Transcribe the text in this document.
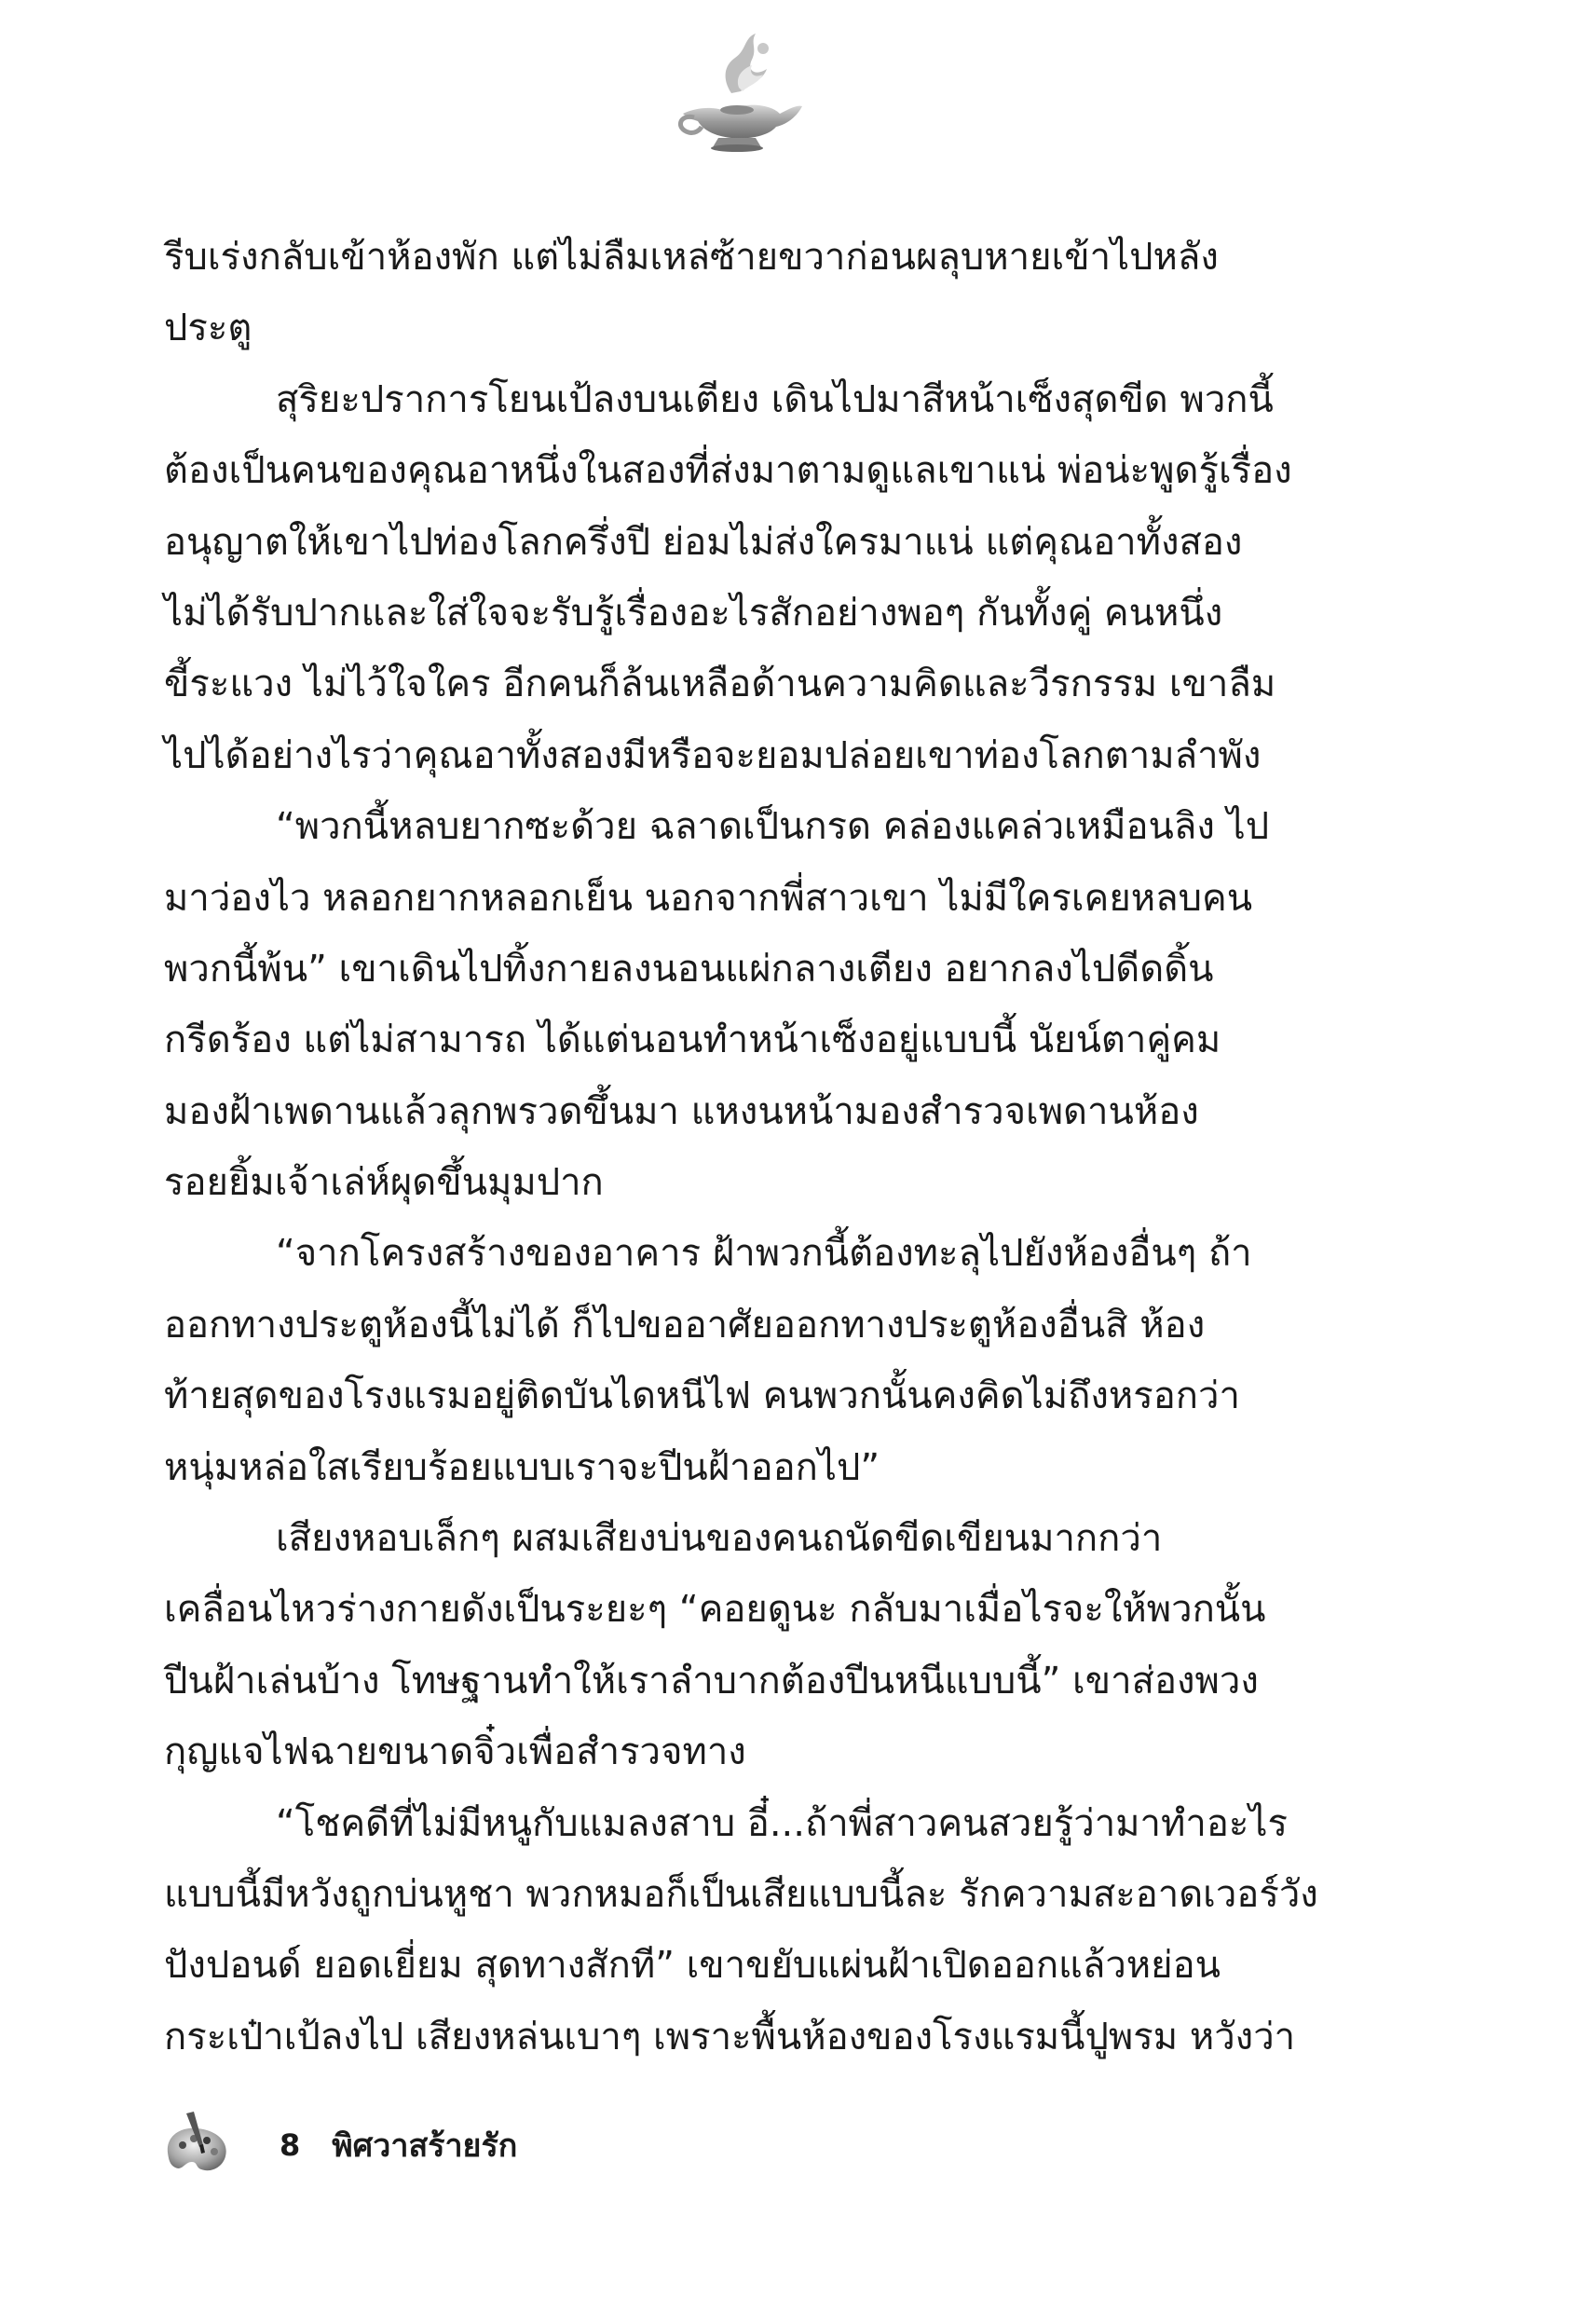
รีบเร่งกลับเข้าห้องพัก แต่ไม่ลืมเหล่ซ้ายขวาก่อนผลุบหายเข้าไปหลัง
ประตู
สุริยะปราการโยนเป้ลงบนเตียง เดินไปมาสีหน้าเซ็งสุดขีด พวกนี้
ต้องเป็นคนของคุณอาหนึ่งในสองที่ส่งมาตามดูแลเขาแน่ พ่อน่ะพูดรู้เรื่อง
อนุญาตให้เขาไปท่องโลกครึ่งปี ย่อมไม่ส่งใครมาแน่ แต่คุณอาทั้งสอง
ไม่ได้รับปากและใส่ใจจะรับรู้เรื่องอะไรสักอย่างพอๆ กันทั้งคู่ คนหนึ่ง
ขี้ระแวง ไม่ไว้ใจใคร อีกคนก็ล้นเหลือด้านความคิดและวีรกรรม เขาลืม
ไปได้อย่างไรว่าคุณอาทั้งสองมีหรือจะยอมปล่อยเขาท่องโลกตามลำพัง
“พวกนี้หลบยากซะด้วย ฉลาดเป็นกรด คล่องแคล่วเหมือนลิง ไป
มาว่องไว หลอกยากหลอกเย็น นอกจากพี่สาวเขา ไม่มีใครเคยหลบคน
พวกนี้พ้น” เขาเดินไปทิ้งกายลงนอนแผ่กลางเตียง อยากลงไปดีดดิ้น
กรีดร้อง แต่ไม่สามารถ ได้แต่นอนทำหน้าเซ็งอยู่แบบนี้ นัยน์ตาคู่คม
มองฝ้าเพดานแล้วลุกพรวดขึ้นมา แหงนหน้ามองสำรวจเพดานห้อง
รอยยิ้มเจ้าเล่ห์ผุดขึ้นมุมปาก
“จากโครงสร้างของอาคาร ฝ้าพวกนี้ต้องทะลุไปยังห้องอื่นๆ ถ้า
ออกทางประตูห้องนี้ไม่ได้ ก็ไปขออาศัยออกทางประตูห้องอื่นสิ ห้อง
ท้ายสุดของโรงแรมอยู่ติดบันไดหนีไฟ คนพวกนั้นคงคิดไม่ถึงหรอกว่า
หนุ่มหล่อใสเรียบร้อยแบบเราจะปีนฝ้าออกไป”
เสียงหอบเล็กๆ ผสมเสียงบ่นของคนถนัดขีดเขียนมากกว่า
เคลื่อนไหวร่างกายดังเป็นระยะๆ “คอยดูนะ กลับมาเมื่อไรจะให้พวกนั้น
ปีนฝ้าเล่นบ้าง โทษฐานทำให้เราลำบากต้องปีนหนีแบบนี้” เขาส่องพวง
กุญแจไฟฉายขนาดจิ๋วเพื่อสำรวจทาง
“โชคดีที่ไม่มีหนูกับแมลงสาบ อี๋...ถ้าพี่สาวคนสวยรู้ว่ามาทำอะไร
แบบนี้มีหวังถูกบ่นหูชา พวกหมอก็เป็นเสียแบบนี้ละ รักความสะอาดเวอร์วัง
ปังปอนด์ ยอดเยี่ยม สุดทางสักที” เขาขยับแผ่นฝ้าเปิดออกแล้วหย่อน
กระเป๋าเป้ลงไป เสียงหล่นเบาๆ เพราะพื้นห้องของโรงแรมนี้ปูพรม หวังว่า
8 พิศวาสร้ายรัก
